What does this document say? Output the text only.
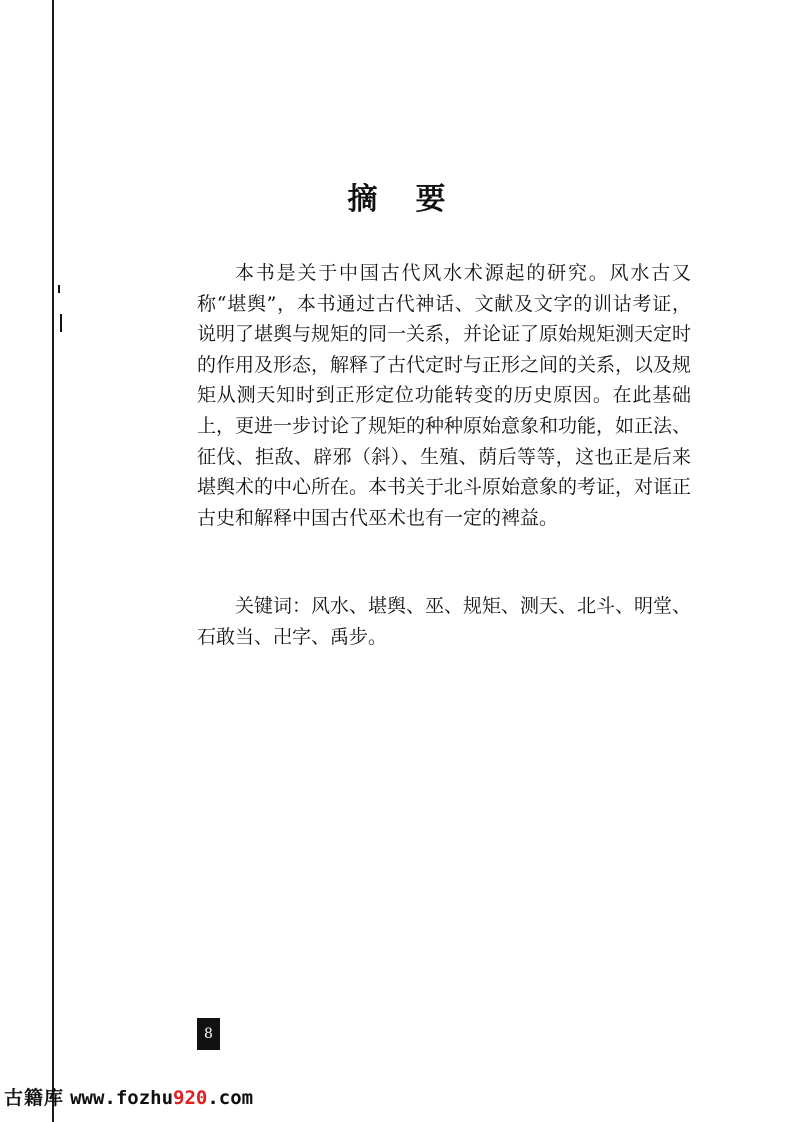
摘要

本书是关于中国古代风水术源起的研究。风水古又称“堪舆”，本书通过古代神话、文献及文字的训诂考证，说明了堪舆与规矩的同一关系，并论证了原始规矩测天定时的作用及形态，解释了古代定时与正形之间的关系，以及规矩从测天知时到正形定位功能转变的历史原因。在此基础上，更进一步讨论了规矩的种种原始意象和功能，如正法、征伐、拒敌、辟邪（斜）、生殖、荫后等等，这也正是后来堪舆术的中心所在。本书关于北斗原始意象的考证，对诓正古史和解释中国古代巫术也有一定的裨益。

关键词：风水、堪舆、巫、规矩、测天、北斗、明堂、石敢当、卍字、禹步。

8
古籍库 www.fozhu920.com
